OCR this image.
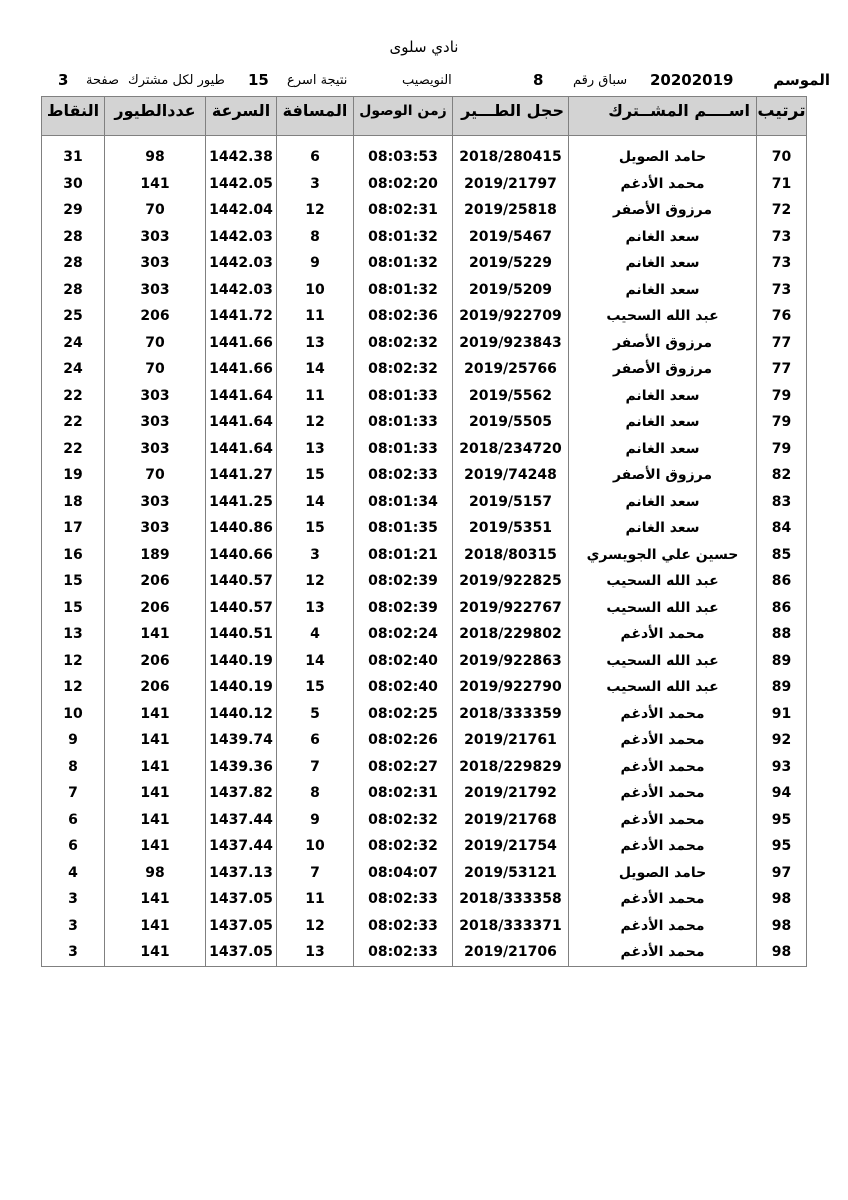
نادي سلوى
الموسم
20202019
سباق رقم
8
النويصيب
نتيجة اسرع
15
طيور لكل مشترك
صفحة
3
النقاط	عددالطيور	السرعة	المسافة	زمن الوصول	حجل الطـــير	اســــم المشــترك	ترتيب

31	98	1442.38	6	08:03:53	2018/280415	حامد الصويل	70
30	141	1442.05	3	08:02:20	2019/21797	محمد الأدغم	71
29	70	1442.04	12	08:02:31	2019/25818	مرزوق الأصفر	72
28	303	1442.03	8	08:01:32	2019/5467	سعد الغانم	73
28	303	1442.03	9	08:01:32	2019/5229	سعد الغانم	73
28	303	1442.03	10	08:01:32	2019/5209	سعد الغانم	73
25	206	1441.72	11	08:02:36	2019/922709	عبد الله السحيب	76
24	70	1441.66	13	08:02:32	2019/923843	مرزوق الأصفر	77
24	70	1441.66	14	08:02:32	2019/25766	مرزوق الأصفر	77
22	303	1441.64	11	08:01:33	2019/5562	سعد الغانم	79
22	303	1441.64	12	08:01:33	2019/5505	سعد الغانم	79
22	303	1441.64	13	08:01:33	2018/234720	سعد الغانم	79
19	70	1441.27	15	08:02:33	2019/74248	مرزوق الأصفر	82
18	303	1441.25	14	08:01:34	2019/5157	سعد الغانم	83
17	303	1440.86	15	08:01:35	2019/5351	سعد الغانم	84
16	189	1440.66	3	08:01:21	2018/80315	حسين علي الجويسري	85
15	206	1440.57	12	08:02:39	2019/922825	عبد الله السحيب	86
15	206	1440.57	13	08:02:39	2019/922767	عبد الله السحيب	86
13	141	1440.51	4	08:02:24	2018/229802	محمد الأدغم	88
12	206	1440.19	14	08:02:40	2019/922863	عبد الله السحيب	89
12	206	1440.19	15	08:02:40	2019/922790	عبد الله السحيب	89
10	141	1440.12	5	08:02:25	2018/333359	محمد الأدغم	91
9	141	1439.74	6	08:02:26	2019/21761	محمد الأدغم	92
8	141	1439.36	7	08:02:27	2018/229829	محمد الأدغم	93
7	141	1437.82	8	08:02:31	2019/21792	محمد الأدغم	94
6	141	1437.44	9	08:02:32	2019/21768	محمد الأدغم	95
6	141	1437.44	10	08:02:32	2019/21754	محمد الأدغم	95
4	98	1437.13	7	08:04:07	2019/53121	حامد الصويل	97
3	141	1437.05	11	08:02:33	2018/333358	محمد الأدغم	98
3	141	1437.05	12	08:02:33	2018/333371	محمد الأدغم	98
3	141	1437.05	13	08:02:33	2019/21706	محمد الأدغم	98
